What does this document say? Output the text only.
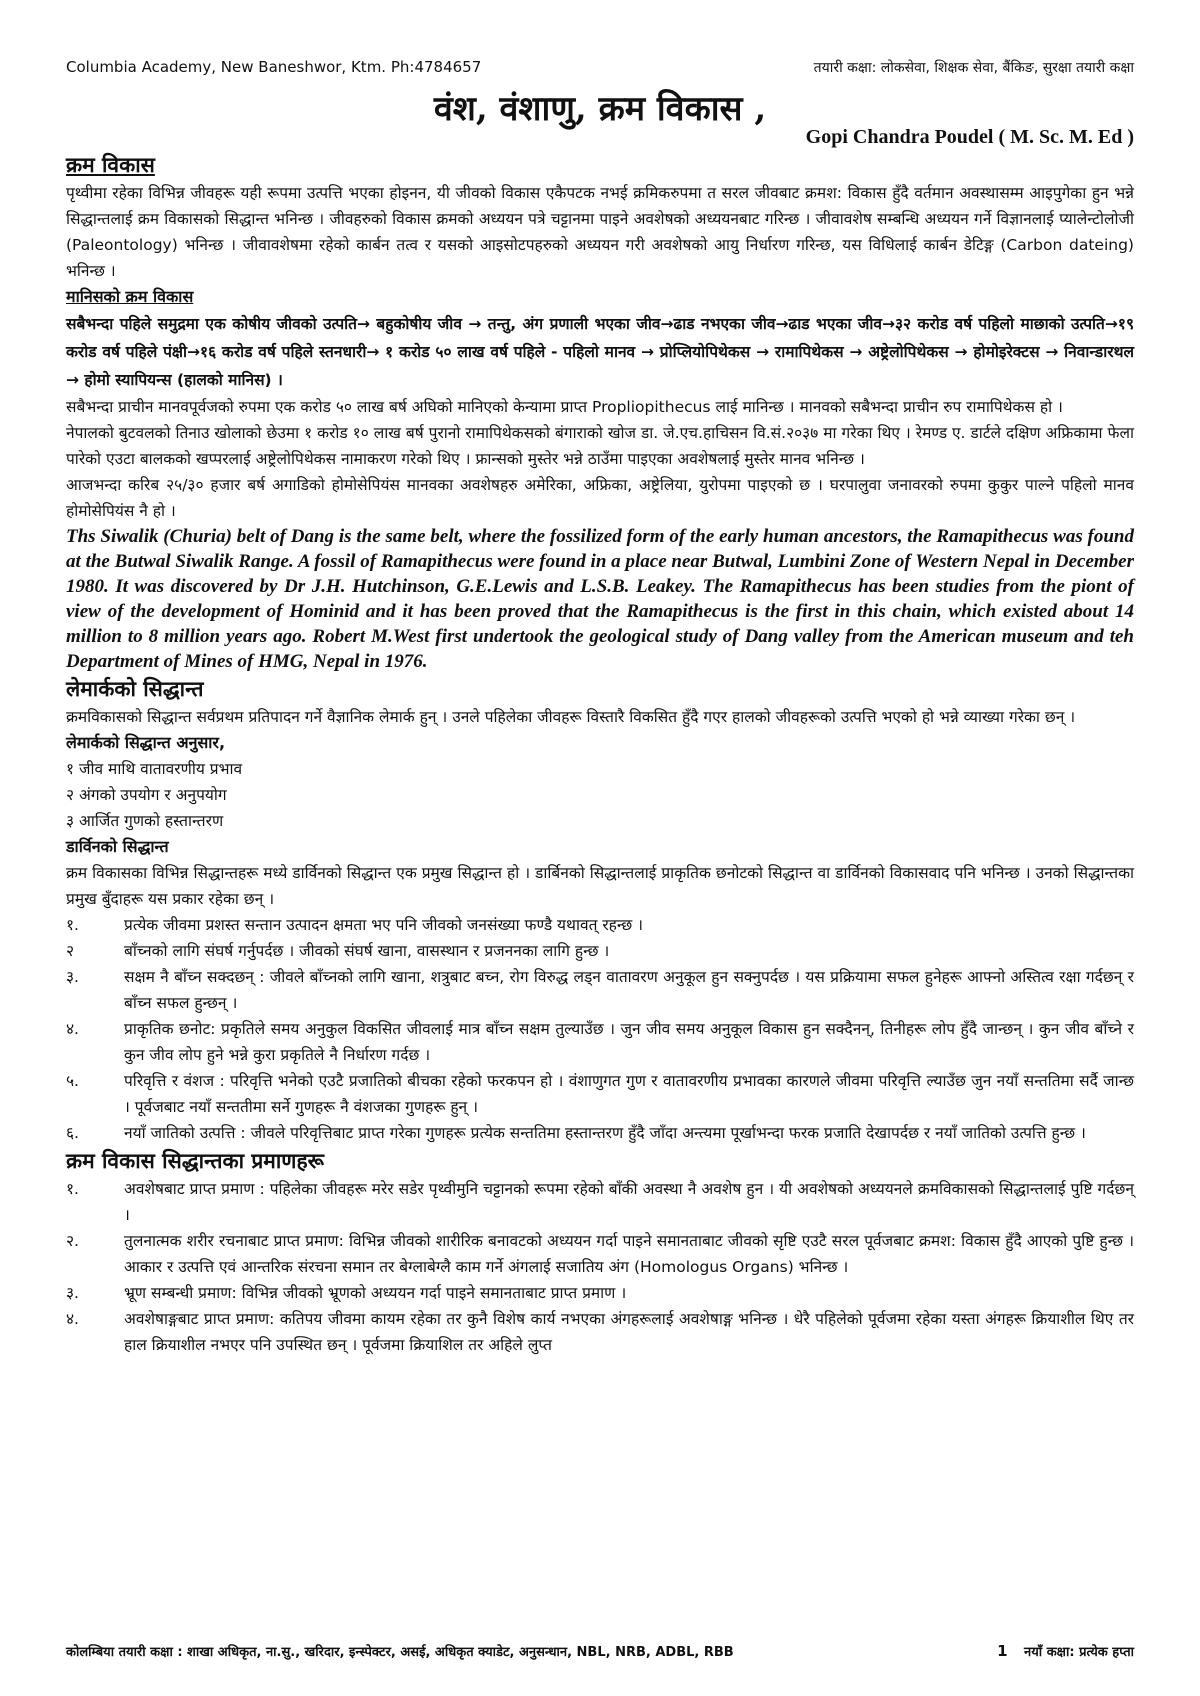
Columbia Academy, New Baneshwor, Ktm. Ph:4784657	तयारी कक्षा: लोकसेवा, शिक्षक सेवा, बैंकिङ, सुरक्षा तयारी कक्षा
वंश, वंशाणु, क्रम विकास ,
Gopi Chandra Poudel ( M. Sc. M. Ed )

क्रम विकास

पृथ्वीमा रहेका विभिन्न जीवहरू यही रूपमा उत्पत्ति भएका होइनन, यी जीवको विकास एकैपटक नभई क्रमिकरुपमा त सरल जीवबाट क्रमश: विकास हुँदै वर्तमान अवस्थासम्म आइपुगेका हुन भन्ने सिद्धान्तलाई क्रम विकासको सिद्धान्त भनिन्छ । जीवहरुको विकास क्रमको अध्ययन पत्रे चट्टानमा पाइने अवशेषको अध्ययनबाट गरिन्छ । जीवावशेष सम्बन्धि अध्ययन गर्ने विज्ञानलाई प्यालेन्टोलोजी (Paleontology) भनिन्छ । जीवावशेषमा रहेको कार्बन तत्व र यसको आइसोटपहरुको अध्ययन गरी अवशेषको आयु निर्धारण गरिन्छ, यस विधिलाई कार्बन डेटिङ्ग (Carbon dateing) भनिन्छ ।

मानिसको क्रम विकास

सबैभन्दा पहिले समुद्रमा एक कोषीय जीवको उत्पति→ बहुकोषीय जीव → तन्तु, अंग प्रणाली भएका जीव→ढाड नभएका जीव→ढाड भएका जीव→३२ करोड वर्ष पहिलो माछाको उत्पति→१९ करोड वर्ष पहिले पंक्षी→१६ करोड वर्ष पहिले स्तनधारी→ १ करोड ५० लाख वर्ष पहिले - पहिलो मानव → प्रोप्लियोपिथेकस → रामापिथेकस → अष्ट्रेलोपिथेकस → होमोइरेक्टस → निवान्डारथल → होमो स्यापियन्स (हालको मानिस) ।

सबैभन्दा प्राचीन मानवपूर्वजको रुपमा एक करोड ५० लाख बर्ष अघिको मानिएको केन्यामा प्राप्त Propliopithecus लाई मानिन्छ । मानवको सबैभन्दा प्राचीन रुप रामापिथेकस हो ।

नेपालको बुटवलको तिनाउ खोलाको छेउमा १ करोड १० लाख बर्ष पुरानो रामापिथेकसको बंगाराको खोज डा. जे.एच.हाचिसन वि.सं.२०३७ मा गरेका थिए । रेमण्ड ए. डार्टले दक्षिण अफ्रिकामा फेला पारेको एउटा बालकको खप्परलाई अष्ट्रेलोपिथेकस नामाकरण गरेको थिए । फ्रान्सको मुस्तेर भन्ने ठाउँमा पाइएका अवशेषलाई मुस्तेर मानव भनिन्छ ।

आजभन्दा करिब २५/३० हजार बर्ष अगाडिको होमोसेपियंस मानवका अवशेषहरु अमेरिका, अफ्रिका, अष्ट्रेलिया, युरोपमा पाइएको छ । घरपालुवा जनावरको रुपमा कुकुर पाल्ने पहिलो मानव होमोसेपियंस नै हो ।

Ths Siwalik (Churia) belt of Dang is the same belt, where the fossilized form of the early human ancestors, the Ramapithecus was found at the Butwal Siwalik Range. A fossil of Ramapithecus were found in a place near Butwal, Lumbini Zone of Western Nepal in December 1980. It was discovered by Dr J.H. Hutchinson, G.E.Lewis and L.S.B. Leakey. The Ramapithecus has been studies from the piont of view of the development of Hominid and it has been proved that the Ramapithecus is the first in this chain, which existed about 14 million to 8 million years ago. Robert M.West first undertook the geological study of Dang valley from the American museum and teh Department of Mines of HMG, Nepal in 1976.

लेमार्कको सिद्धान्त

क्रमविकासको सिद्धान्त सर्वप्रथम प्रतिपादन गर्ने वैज्ञानिक लेमार्क हुन् । उनले पहिलेका जीवहरू विस्तारै विकसित हुँदै गएर हालको जीवहरूको उत्पत्ति भएको हो भन्ने व्याख्या गरेका छन् ।

लेमार्कको सिद्धान्त अनुसार,

१ जीव माथि वातावरणीय प्रभाव

२ अंगको उपयोग र अनुपयोग

३ आर्जित गुणको हस्तान्तरण

डार्विनको सिद्धान्त

क्रम विकासका विभिन्न सिद्धान्तहरू मध्ये डार्विनको सिद्धान्त एक प्रमुख सिद्धान्त हो । डार्बिनको सिद्धान्तलाई प्राकृतिक छनोटको सिद्धान्त वा डार्विनको विकासवाद पनि भनिन्छ । उनको सिद्धान्तका प्रमुख बुँदाहरू यस प्रकार रहेका छन् ।

१.	प्रत्येक जीवमा प्रशस्त सन्तान उत्पादन क्षमता भए पनि जीवको जनसंख्या फण्डै यथावत् रहन्छ ।
२	बाँच्नको लागि संघर्ष गर्नुपर्दछ । जीवको संघर्ष खाना, वासस्थान र प्रजननका लागि हुन्छ ।
३.	सक्षम नै बाँच्न सक्दछन् : जीवले बाँच्नको लागि खाना, शत्रुबाट बच्न, रोग विरुद्ध लड्न वातावरण अनुकूल हुन सक्नुपर्दछ । यस प्रक्रियामा सफल हुनेहरू आफ्नो अस्तित्व रक्षा गर्दछन् र बाँच्न सफल हुन्छन् ।
४.	प्राकृतिक छनोट: प्रकृतिले समय अनुकुल विकसित जीवलाई मात्र बाँच्न सक्षम तुल्याउँछ । जुन जीव समय अनुकूल विकास हुन सक्दैनन्, तिनीहरू लोप हुँदै जान्छन् । कुन जीव बाँच्ने र कुन जीव लोप हुने भन्ने कुरा प्रकृतिले नै निर्धारण गर्दछ ।
५.	परिवृत्ति र वंशज : परिवृत्ति भनेको एउटै प्रजातिको बीचका रहेको फरकपन हो । वंशाणुगत गुण र वातावरणीय प्रभावका कारणले जीवमा परिवृत्ति ल्याउँछ जुन नयाँ सन्ततिमा सर्दै जान्छ । पूर्वजबाट नयाँ सन्ततीमा सर्ने गुणहरू नै वंशजका गुणहरू हुन् ।
६.	नयाँ जातिको उत्पत्ति : जीवले परिवृत्तिबाट प्राप्त गरेका गुणहरू प्रत्येक सन्ततिमा हस्तान्तरण हुँदै जाँदा अन्त्यमा पूर्खाभन्दा फरक प्रजाति देखापर्दछ र नयाँ जातिको उत्पत्ति हुन्छ ।

क्रम विकास सिद्धान्तका प्रमाणहरू

१.	अवशेषबाट प्राप्त प्रमाण : पहिलेका जीवहरू मरेर सडेर पृथ्वीमुनि चट्टानको रूपमा रहेको बाँकी अवस्था नै अवशेष हुन । यी अवशेषको अध्ययनले क्रमविकासको सिद्धान्तलाई पुष्टि गर्दछन् ।
२.	तुलनात्मक शरीर रचनाबाट प्राप्त प्रमाण: विभिन्न जीवको शारीरिक बनावटको अध्ययन गर्दा पाइने समानताबाट जीवको सृष्टि एउटै सरल पूर्वजबाट क्रमश: विकास हुँदै आएको पुष्टि हुन्छ । आकार र उत्पत्ति एवं आन्तरिक संरचना समान तर बेग्लाबेग्लै काम गर्ने अंगलाई सजातिय अंग (Homologus Organs) भनिन्छ ।
३.	भ्रूण सम्बन्धी प्रमाण: विभिन्न जीवको भ्रूणको अध्ययन गर्दा पाइने समानताबाट प्राप्त प्रमाण ।
४.	अवशेषाङ्गबाट प्राप्त प्रमाण: कतिपय जीवमा कायम रहेका तर कुनै विशेष कार्य नभएका अंगहरूलाई अवशेषाङ्ग भनिन्छ । धेरै पहिलेको पूर्वजमा रहेका यस्ता अंगहरू क्रियाशील थिए तर हाल क्रियाशील नभएर पनि उपस्थित छन् । पूर्वजमा क्रियाशिल तर अहिले लुप्त
कोलम्बिया तयारी कक्षा : शाखा अधिकृत, ना.सु., खरिदार, इन्स्पेक्टर, असई, अधिकृत क्याडेट, अनुसन्धान, NBL, NRB, ADBL, RBB	1 नयाँ कक्षा: प्रत्येक हप्ता
